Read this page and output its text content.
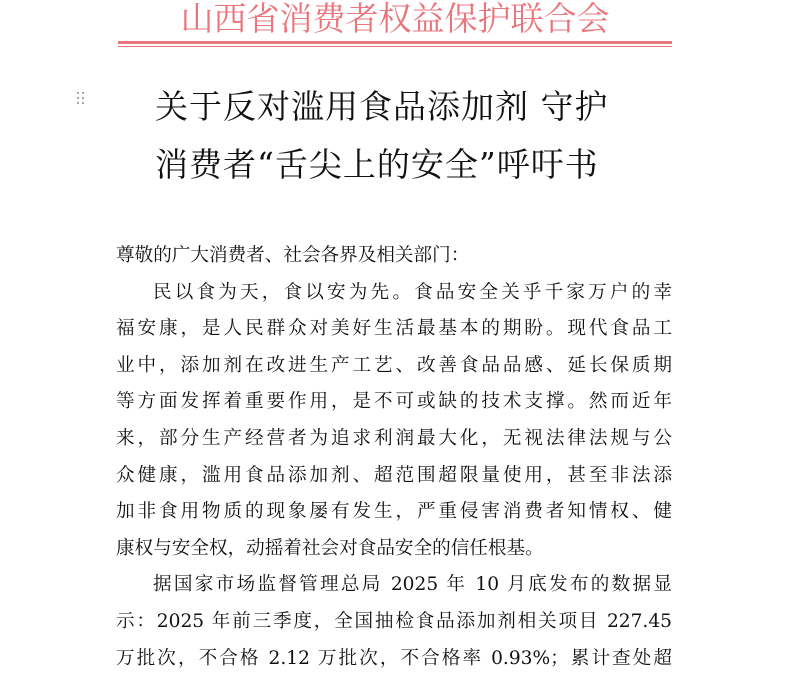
山西省消费者权益保护联合会
关于反对滥用食品添加剂 守护
消费者“舌尖上的安全”呼吁书
尊敬的广大消费者、社会各界及相关部门：
民以食为天，食以安为先。食品安全关乎千家万户的幸
福安康，是人民群众对美好生活最基本的期盼。现代食品工
业中，添加剂在改进生产工艺、改善食品品感、延长保质期
等方面发挥着重要作用，是不可或缺的技术支撑。然而近年
来，部分生产经营者为追求利润最大化，无视法律法规与公
众健康，滥用食品添加剂、超范围超限量使用，甚至非法添
加非食用物质的现象屡有发生，严重侵害消费者知情权、健
康权与安全权，动摇着社会对食品安全的信任根基。
据国家市场监督管理总局 2025 年 10 月底发布的数据显
示：2025 年前三季度，全国抽检食品添加剂相关项目 227.45
万批次，不合格 2.12 万批次，不合格率 0.93%；累计查处超
